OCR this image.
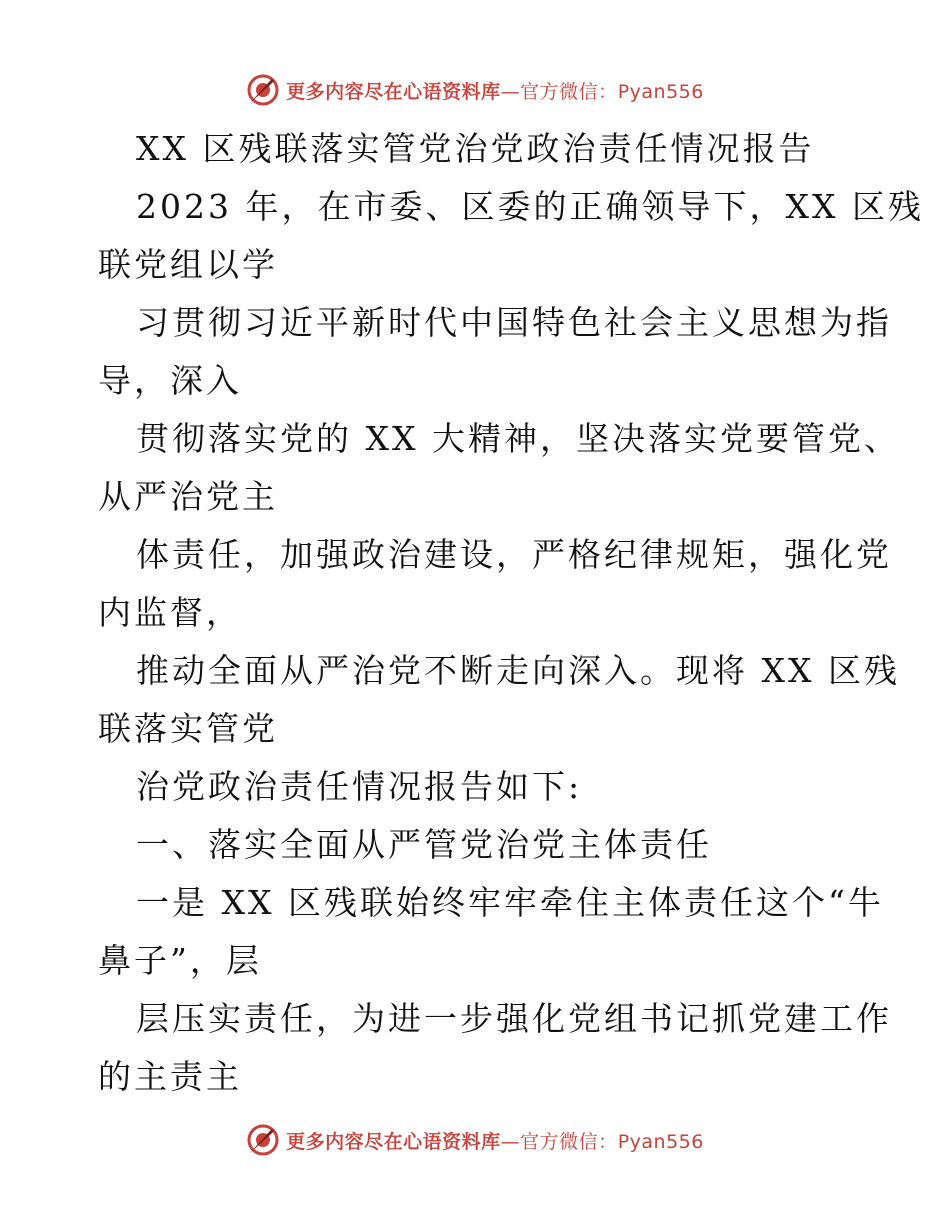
更多内容尽在心语资料库—官方微信：Pyan556
XX 区残联落实管党治党政治责任情况报告
2023 年，在市委、区委的正确领导下，XX 区残
联党组以学
习贯彻习近平新时代中国特色社会主义思想为指
导，深入
贯彻落实党的 XX 大精神，坚决落实党要管党、
从严治党主
体责任，加强政治建设，严格纪律规矩，强化党
内监督，
推动全面从严治党不断走向深入。现将 XX 区残
联落实管党
治党政治责任情况报告如下:
一、落实全面从严管党治党主体责任
一是 XX 区残联始终牢牢牵住主体责任这个“牛
鼻子”，层
层压实责任，为进一步强化党组书记抓党建工作
的主责主
更多内容尽在心语资料库—官方微信：Pyan556
